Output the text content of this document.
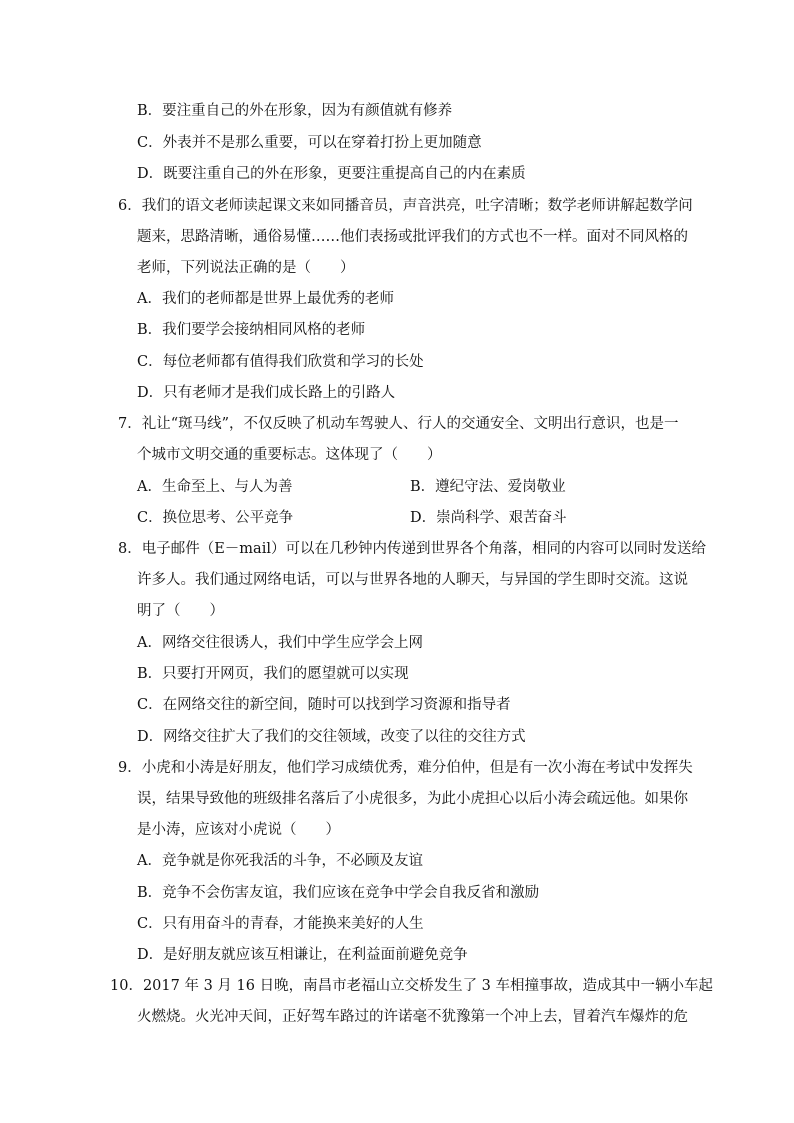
B．要注重自己的外在形象，因为有颜值就有修养
C．外表并不是那么重要，可以在穿着打扮上更加随意
D．既要注重自己的外在形象，更要注重提高自己的内在素质
6．我们的语文老师读起课文来如同播音员，声音洪亮，吐字清晰；数学老师讲解起数学问
题来，思路清晰，通俗易懂……他们表扬或批评我们的方式也不一样。面对不同风格的
老师，下列说法正确的是（　　）
A．我们的老师都是世界上最优秀的老师
B．我们要学会接纳相同风格的老师
C．每位老师都有值得我们欣赏和学习的长处
D．只有老师才是我们成长路上的引路人
7．礼让“斑马线”，不仅反映了机动车驾驶人、行人的交通安全、文明出行意识，也是一
个城市文明交通的重要标志。这体现了（　　）
A．生命至上、与人为善	B．遵纪守法、爱岗敬业
C．换位思考、公平竞争	D．崇尚科学、艰苦奋斗
8．电子邮件（E－mail）可以在几秒钟内传递到世界各个角落，相同的内容可以同时发送给
许多人。我们通过网络电话，可以与世界各地的人聊天，与异国的学生即时交流。这说
明了（　　）
A．网络交往很诱人，我们中学生应学会上网
B．只要打开网页，我们的愿望就可以实现
C．在网络交往的新空间，随时可以找到学习资源和指导者
D．网络交往扩大了我们的交往领域，改变了以往的交往方式
9．小虎和小涛是好朋友，他们学习成绩优秀，难分伯仲，但是有一次小海在考试中发挥失
误，结果导致他的班级排名落后了小虎很多，为此小虎担心以后小涛会疏远他。如果你
是小涛，应该对小虎说（　　）
A．竞争就是你死我活的斗争，不必顾及友谊
B．竞争不会伤害友谊，我们应该在竞争中学会自我反省和激励
C．只有用奋斗的青春，才能换来美好的人生
D．是好朋友就应该互相谦让，在利益面前避免竞争
10．2017 年 3 月 16 日晚，南昌市老福山立交桥发生了 3 车相撞事故，造成其中一辆小车起
火燃烧。火光冲天间，正好驾车路过的许诺毫不犹豫第一个冲上去，冒着汽车爆炸的危
